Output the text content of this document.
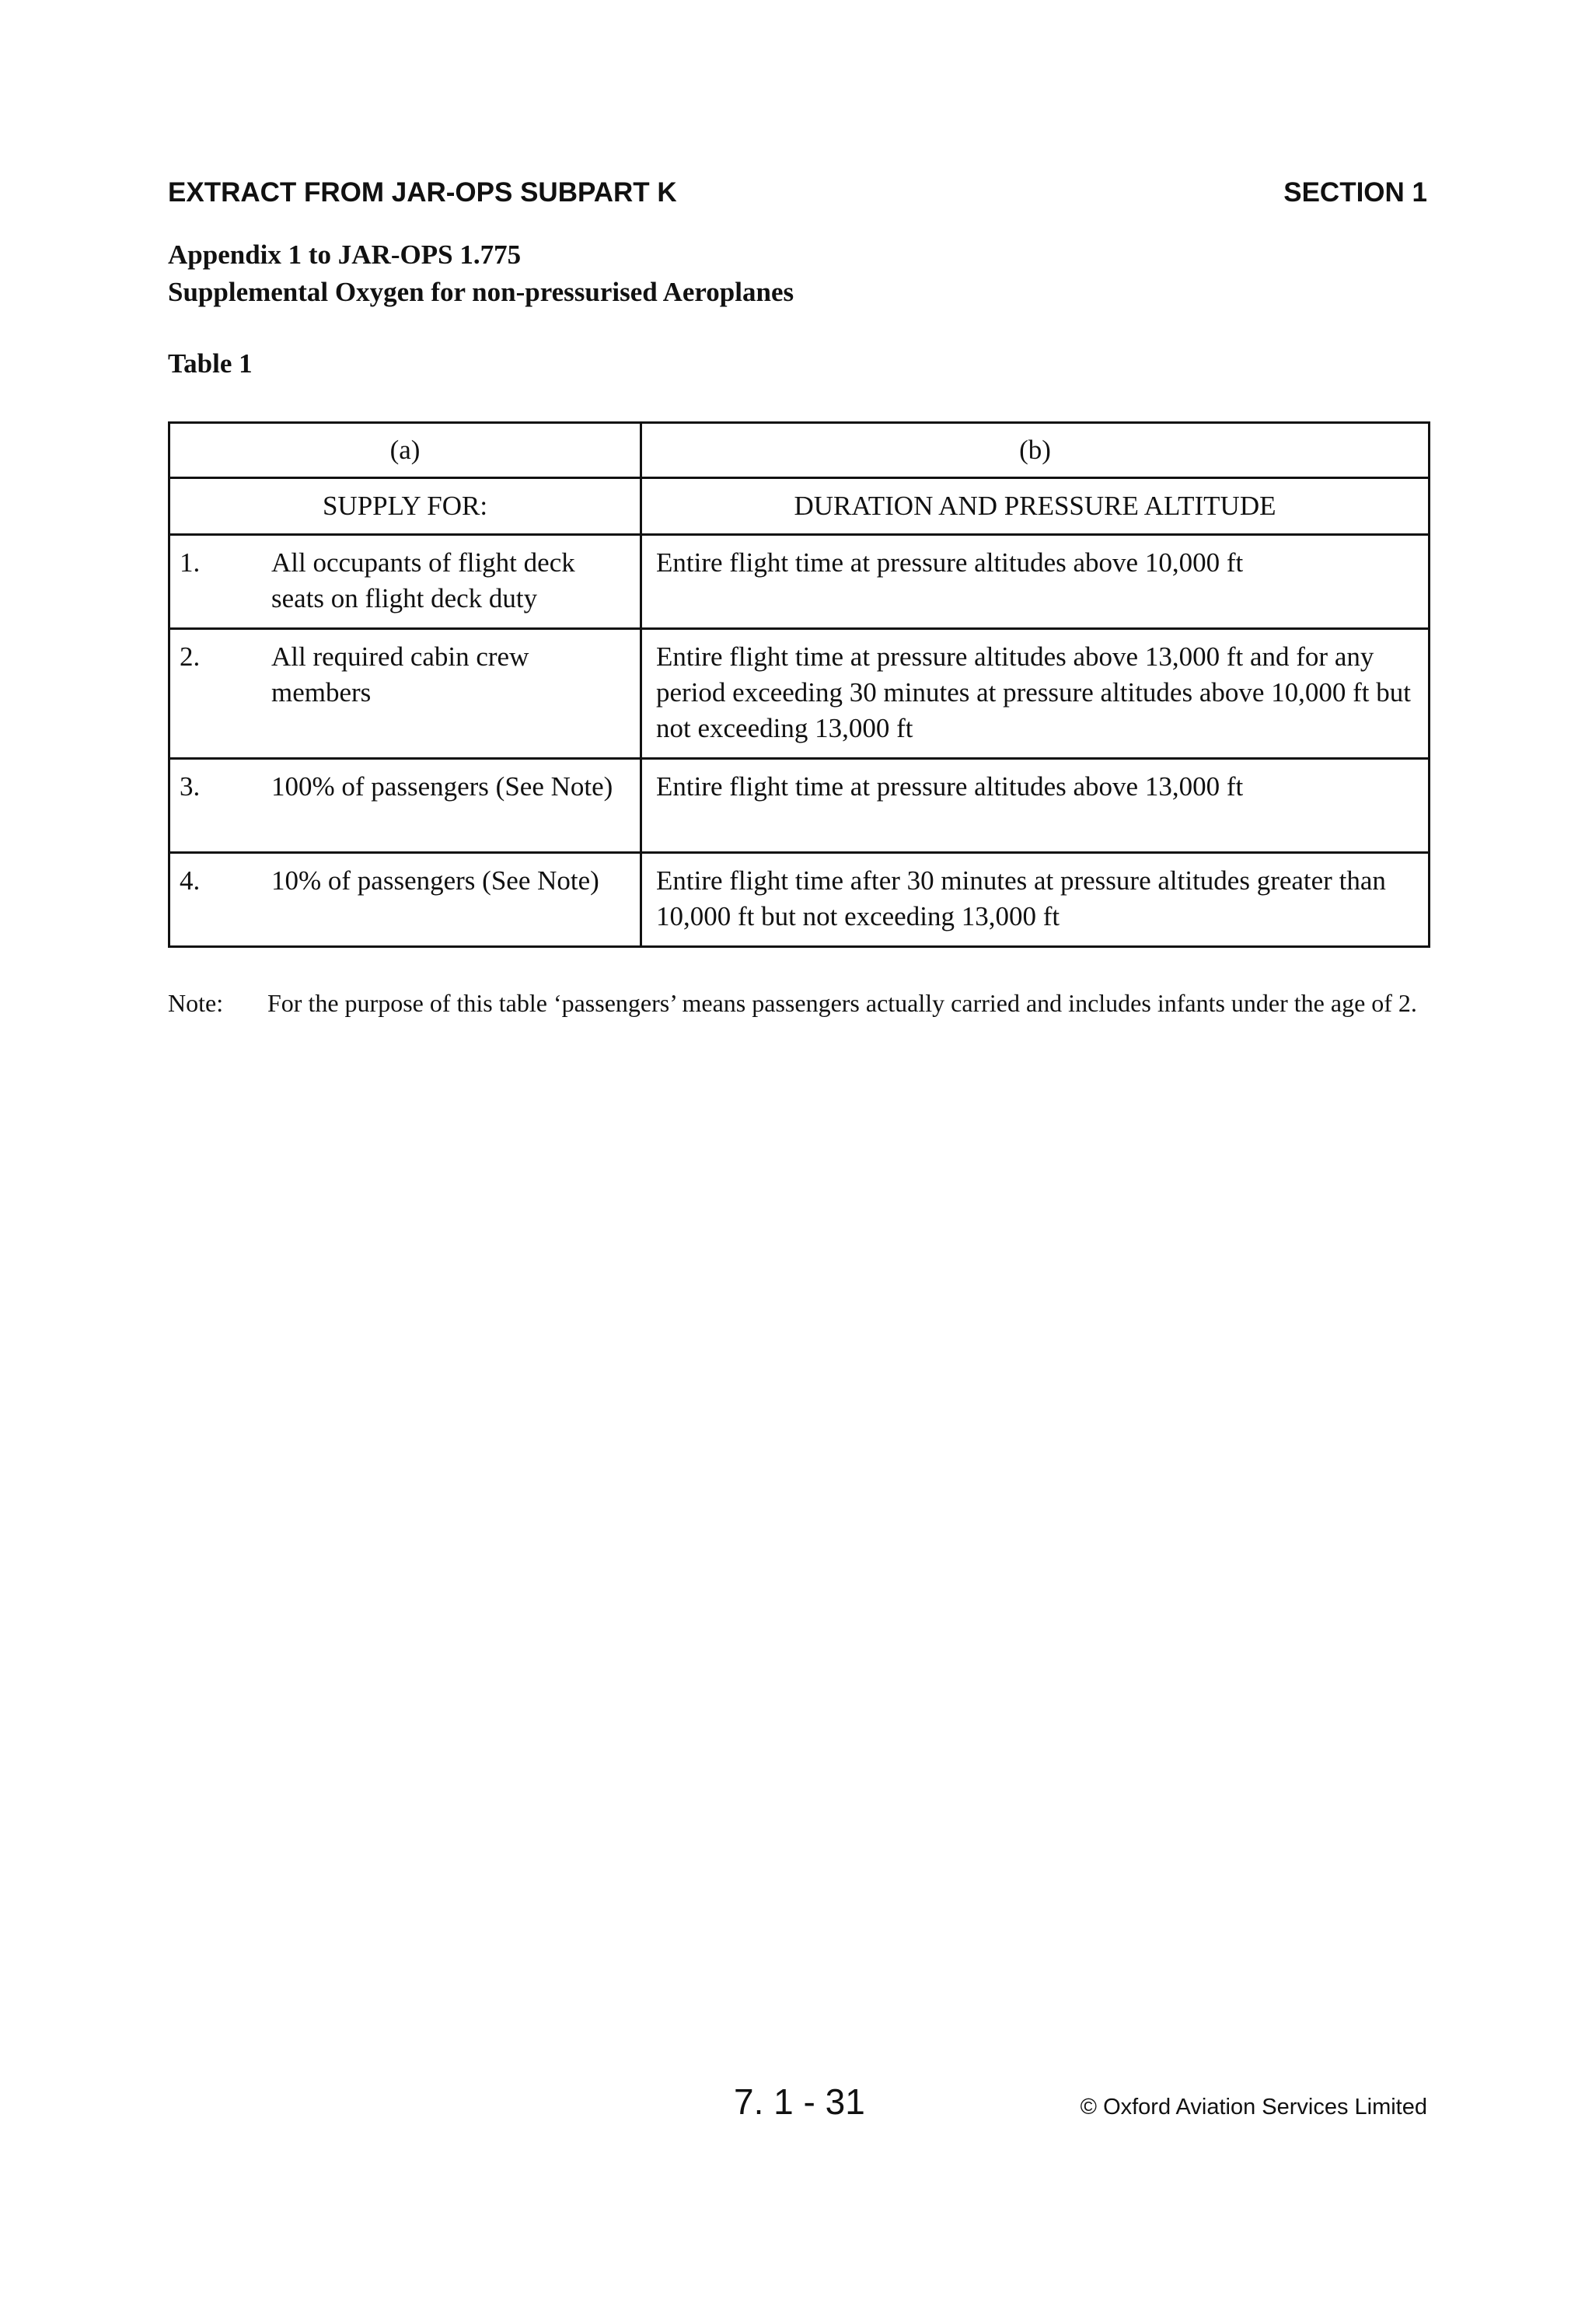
EXTRACT FROM JAR-OPS SUBPART K	SECTION 1
Appendix 1 to JAR-OPS 1.775
Supplemental Oxygen for non-pressurised Aeroplanes
Table 1
(a)	(b)
SUPPLY FOR:	DURATION AND PRESSURE ALTITUDE

1. All occupants of flight deck seats on flight deck duty	Entire flight time at pressure altitudes above 10,000 ft

2. All required cabin crew members	Entire flight time at pressure altitudes above 13,000 ft and for any period exceeding 30 minutes at pressure altitudes above 10,000 ft but not exceeding 13,000 ft

3. 100% of passengers (See Note)	Entire flight time at pressure altitudes above 13,000 ft

4. 10% of passengers (See Note)	Entire flight time after 30 minutes at pressure altitudes greater than 10,000 ft but not exceeding 13,000 ft
Note: For the purpose of this table ‘passengers’ means passengers actually carried and includes infants under the age of 2.
7. 1 - 31	© Oxford Aviation Services Limited
